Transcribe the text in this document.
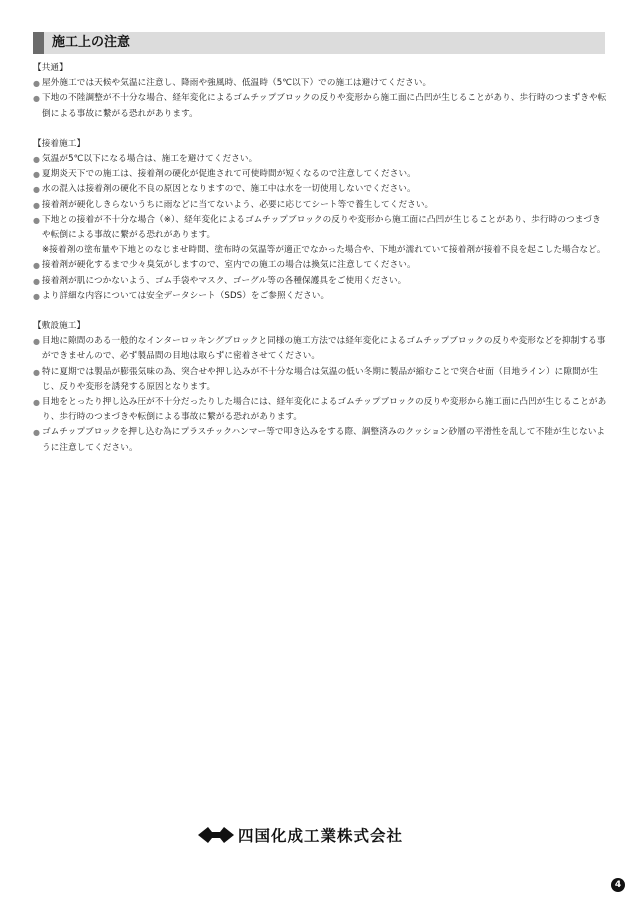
施工上の注意
【共通】
● 屋外施工では天候や気温に注意し、降雨や強風時、低温時（5℃以下）での施工は避けてください。
● 下地の不陸調整が不十分な場合、経年変化によるゴムチップブロックの反りや変形から施工面に凸凹が生じることがあり、歩行時のつまずきや転倒による事故に繋がる恐れがあります。
【接着施工】
● 気温が5℃以下になる場合は、施工を避けてください。
● 夏期炎天下での施工は、接着剤の硬化が促進されて可使時間が短くなるので注意してください。
● 水の混入は接着剤の硬化不良の原因となりますので、施工中は水を一切使用しないでください。
● 接着剤が硬化しきらないうちに雨などに当てないよう、必要に応じてシート等で養生してください。
● 下地との接着が不十分な場合（※）、経年変化によるゴムチップブロックの反りや変形から施工面に凸凹が生じることがあり、歩行時のつまづきや転倒による事故に繋がる恐れがあります。
※接着剤の塗布量や下地とのなじませ時間、塗布時の気温等が適正でなかった場合や、下地が濡れていて接着剤が接着不良を起こした場合など。
● 接着剤が硬化するまで少々臭気がしますので、室内での施工の場合は換気に注意してください。
● 接着剤が肌につかないよう、ゴム手袋やマスク、ゴーグル等の各種保護具をご使用ください。
● より詳細な内容については安全データシート（SDS）をご参照ください。
【敷設施工】
● 目地に隙間のある一般的なインターロッキングブロックと同様の施工方法では経年変化によるゴムチップブロックの反りや変形などを抑制する事ができませんので、必ず製品間の目地は取らずに密着させてください。
● 特に夏期では製品が膨張気味の為、突合せや押し込みが不十分な場合は気温の低い冬期に製品が縮むことで突合せ面（目地ライン）に隙間が生じ、反りや変形を誘発する原因となります。
● 目地をとったり押し込み圧が不十分だったりした場合には、経年変化によるゴムチップブロックの反りや変形から施工面に凸凹が生じることがあり、歩行時のつまづきや転倒による事故に繋がる恐れがあります。
● ゴムチップブロックを押し込む為にプラスチックハンマー等で叩き込みをする際、調整済みのクッション砂層の平滑性を乱して不陸が生じないように注意してください。
四国化成工業株式会社
4
